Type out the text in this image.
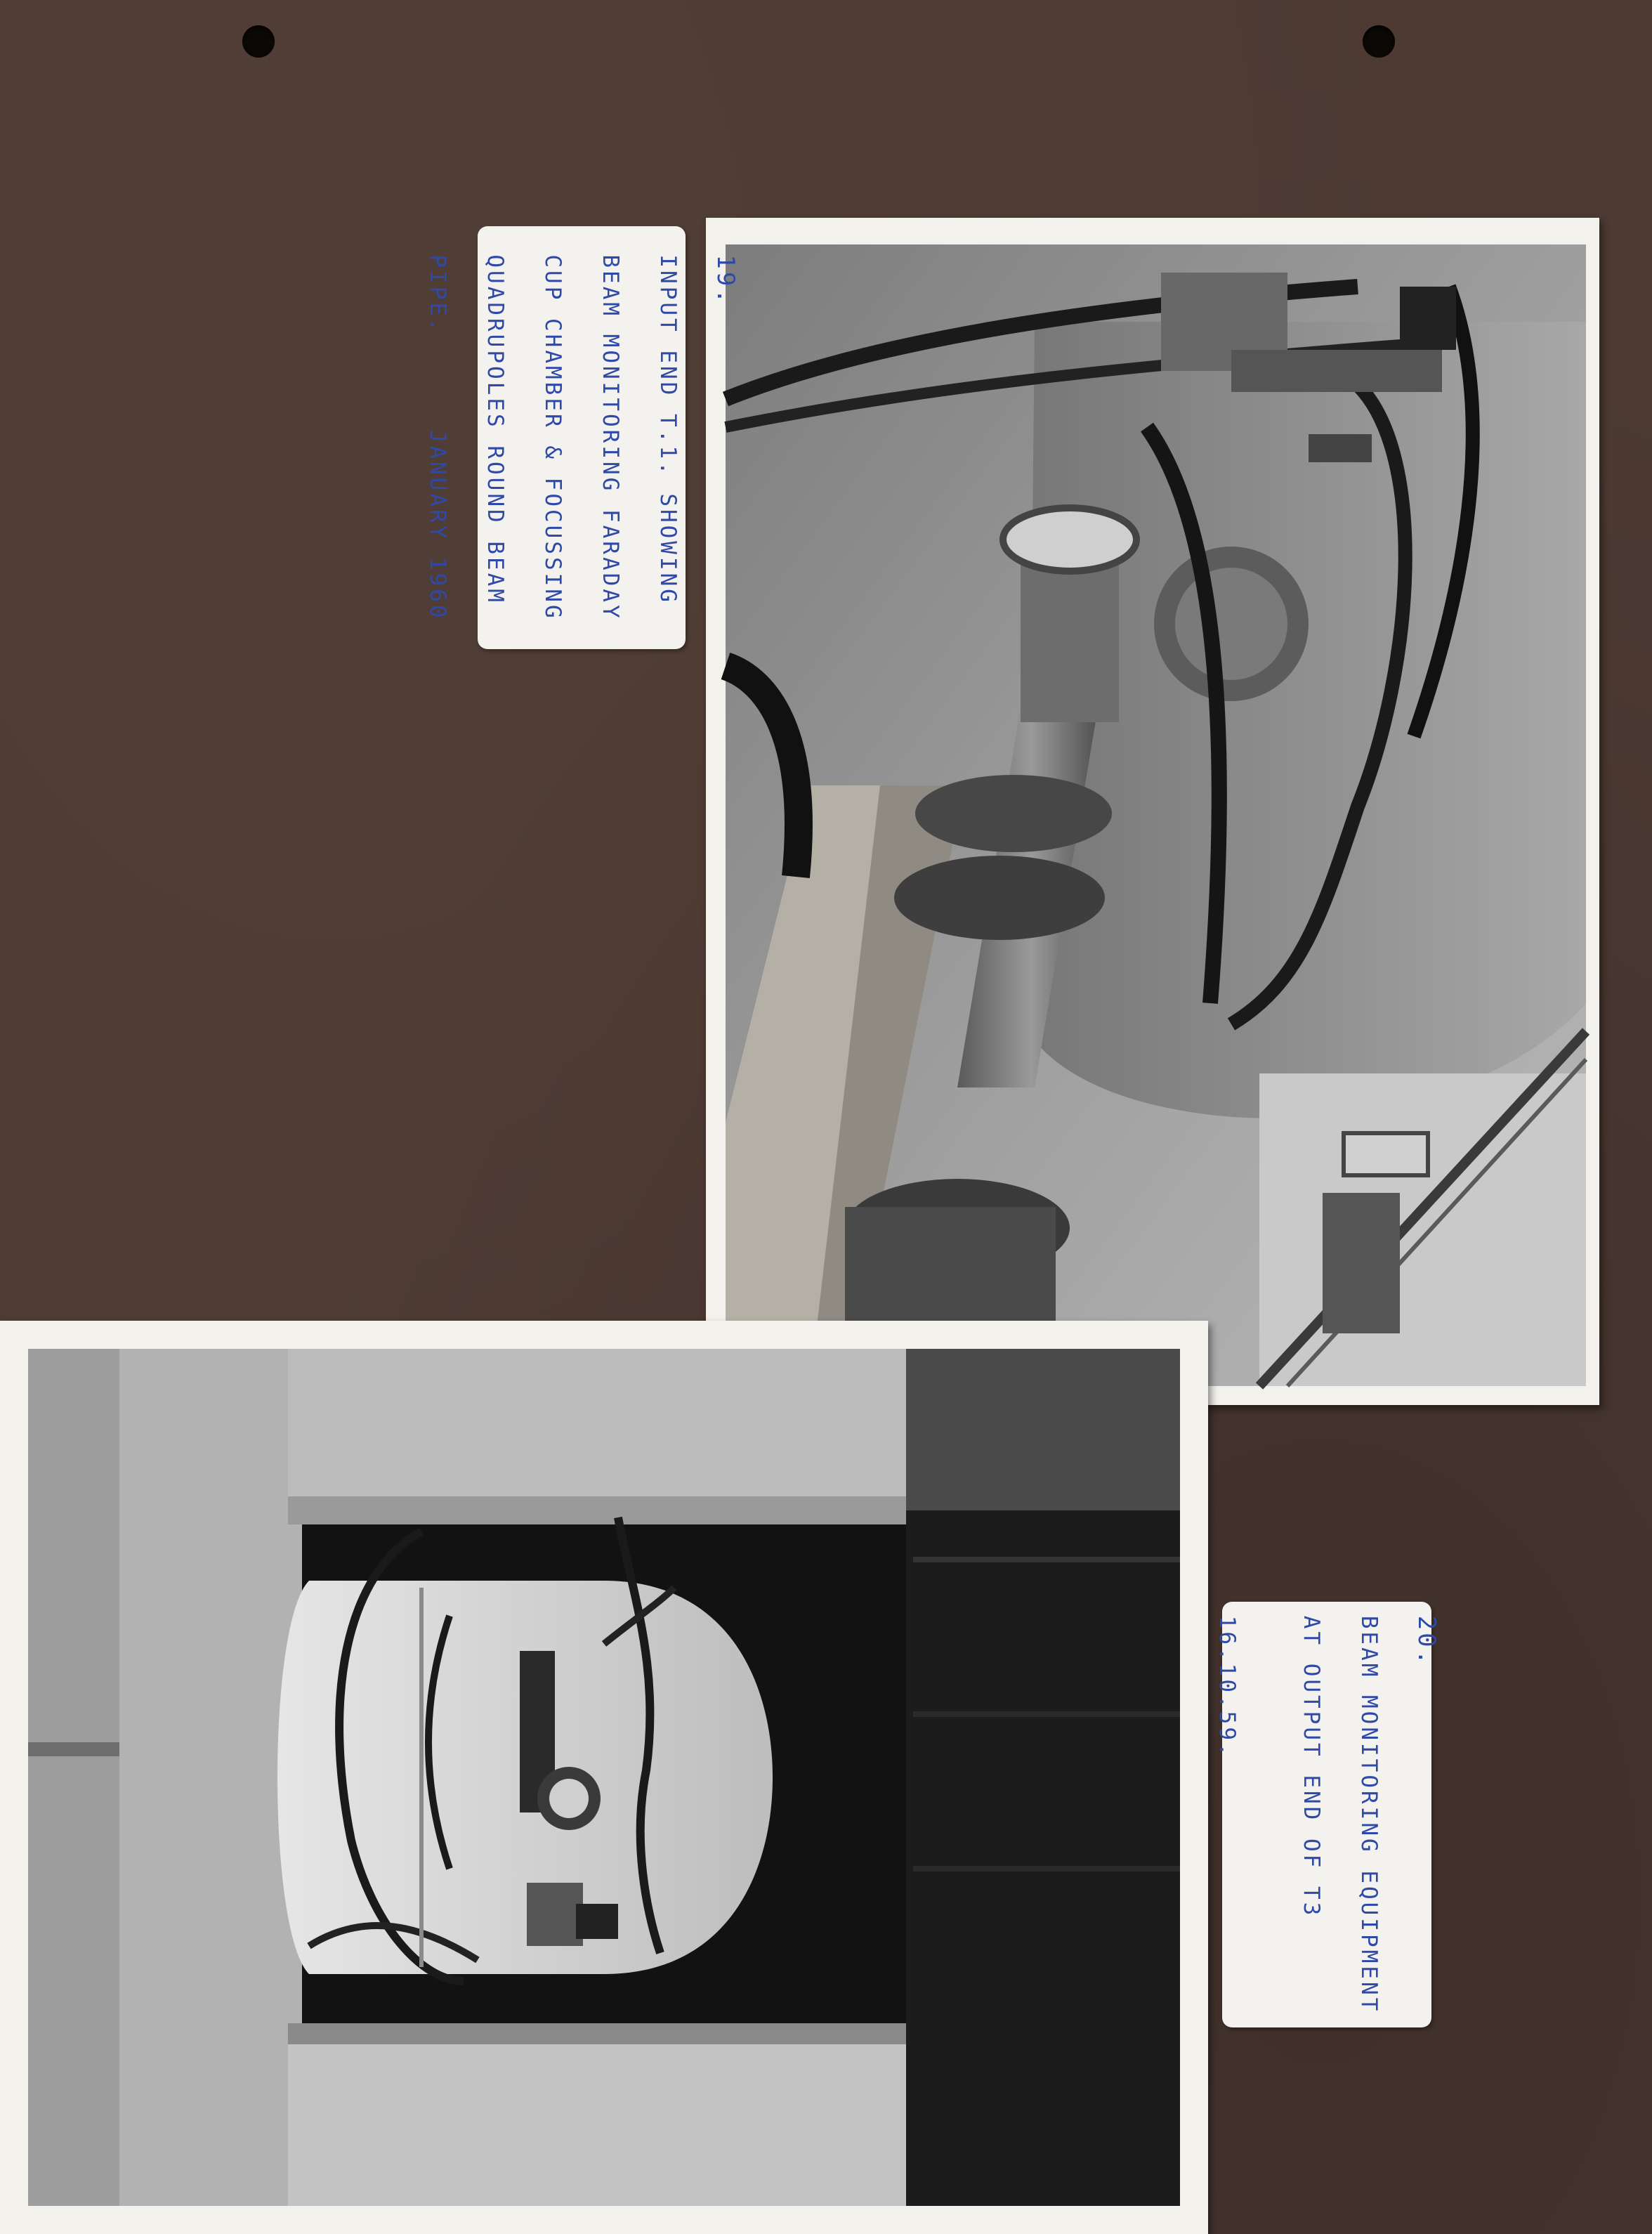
19.

INPUT END T.1. SHOWING

BEAM MONITORING FARADAY

CUP CHAMBER & FOCUSSING

QUADRUPOLES ROUND BEAM

PIPE.      JANUARY 1960

20.

BEAM MONITORING EQUIPMENT

AT OUTPUT END OF T3

16.10.59.
